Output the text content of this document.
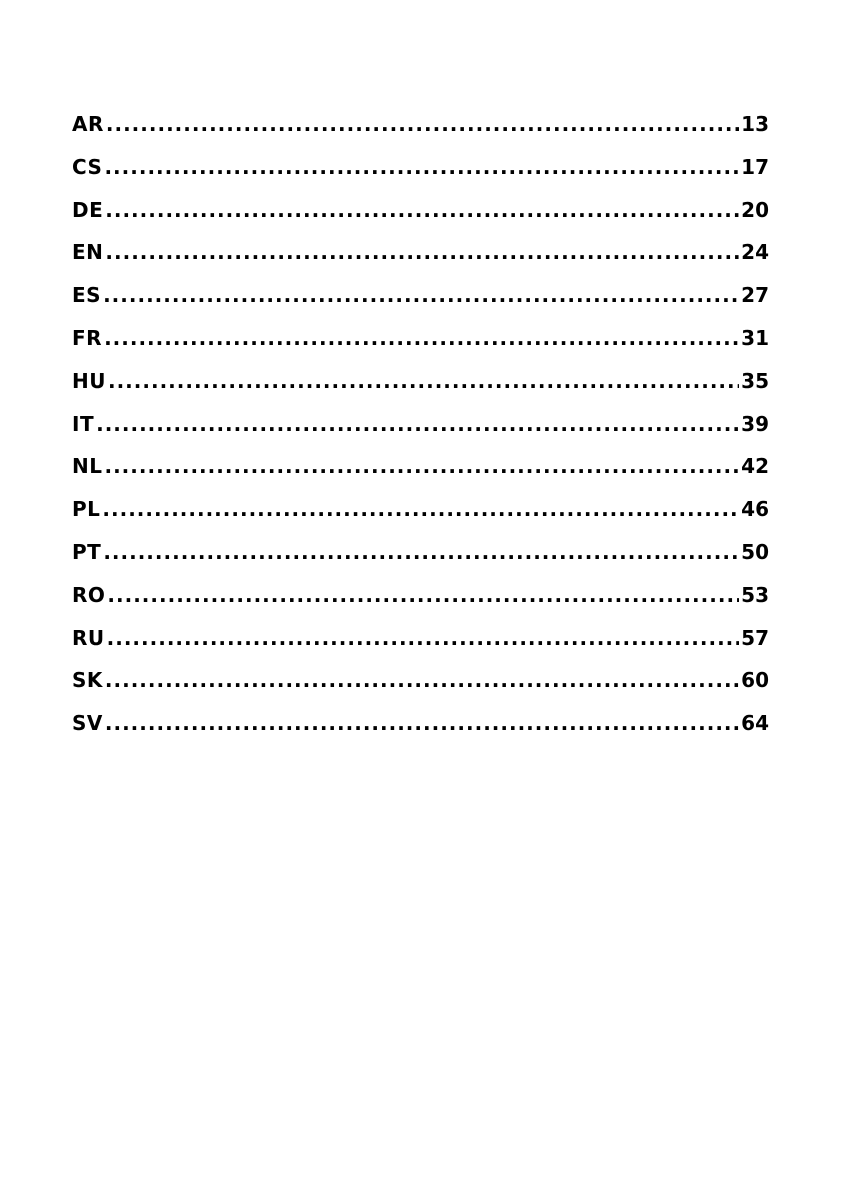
AR .....	13
CS .....	17
DE .....	20
EN .....	24
ES .....	27
FR .....	31
HU .....	35
IT .....	39
NL .....	42
PL .....	46
PT .....	50
RO .....	53
RU .....	57
SK .....	60
SV .....	64
